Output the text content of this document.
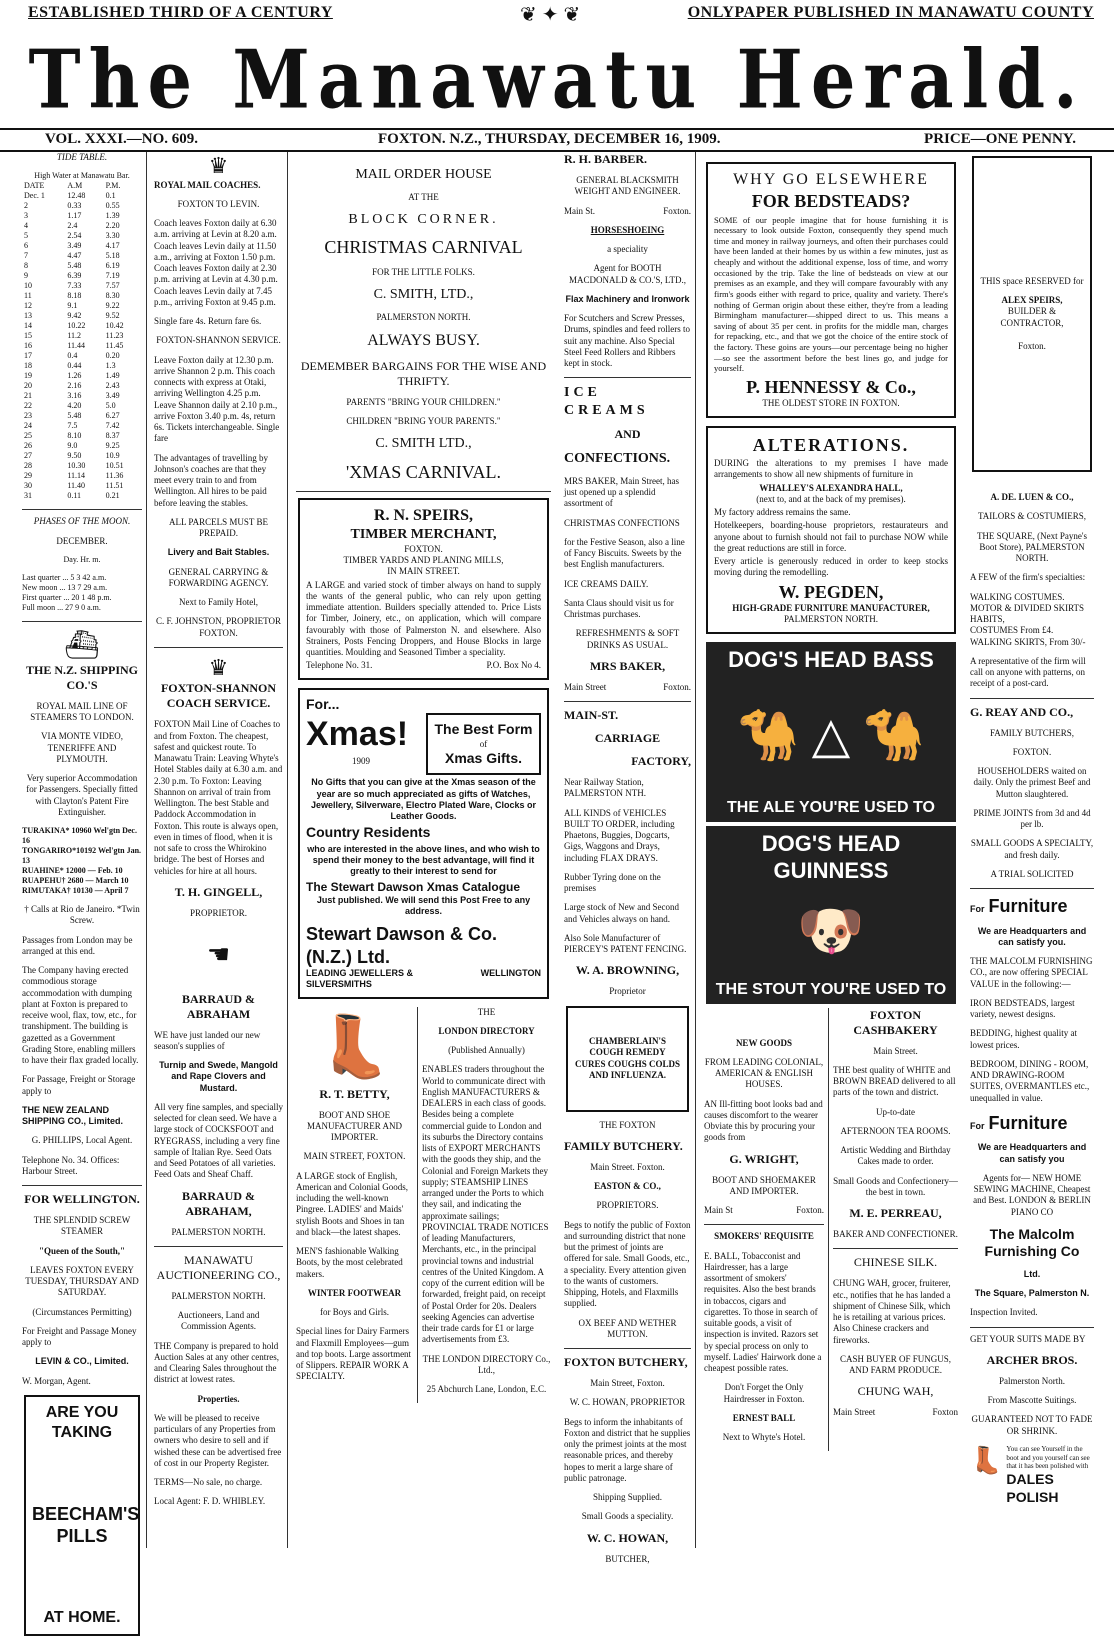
ESTABLISHED THIRD OF A CENTURY	❦ ✦ ❦	ONLYPAPER PUBLISHED IN MANAWATU COUNTY
The Manawatu Herald.
VOL. XXXI.—NO. 609.	FOXTON. N.Z., THURSDAY, DECEMBER 16, 1909.	PRICE—ONE PENNY.
TIDE TABLE.
High Water at Manawatu Bar.
DATE	A.M	P.M.
Dec. 1	12.48	0.1
2	0.33	0.55
3	1.17	1.39
4	2.4	2.20
5	2.54	3.30
6	3.49	4.17
7	4.47	5.18
8	5.48	6.19
9	6.39	7.19
10	7.33	7.57
11	8.18	8.30
12	9.1	9.22
13	9.42	9.52
14	10.22	10.42
15	11.2	11.23
16	11.44	11.45
17	0.4	0.20
18	0.44	1.3
19	1.26	1.49
20	2.16	2.43
21	3.16	3.49
22	4.20	5.0
23	5.48	6.27
24	7.5	7.42
25	8.10	8.37
26	9.0	9.25
27	9.50	10.9
28	10.30	10.51
29	11.14	11.36
30	11.40	11.51
31	0.11	0.21
PHASES OF THE MOON.
DECEMBER.
Day. Hr. m.
Last quarter ... 5 3 42 a.m.
New moon ... 13 7 29 a.m.
First quarter ... 20 1 48 p.m.
Full moon ... 27 9 0 a.m.
⛴
THE N.Z. SHIPPING CO.'S
ROYAL MAIL LINE OF STEAMERS TO LONDON.
VIA MONTE VIDEO, TENERIFFE AND PLYMOUTH.
Very superior Accommodation for Passengers. Specially fitted with Clayton's Patent Fire Extinguisher.
TURAKINA* 10960 Wel'gtn Dec. 16
TONGARIRO*10192 Wel'gtn Jan. 13
RUAHINE* 12000 — Feb. 10
RUAPEHU† 2680 — March 10
RIMUTAKA† 10130 — April 7
† Calls at Rio de Janeiro. *Twin Screw.
Passages from London may be arranged at this end.
The Company having erected commodious storage accommodation with dumping plant at Foxton is prepared to receive wool, flax, tow, etc., for transhipment. The building is gazetted as a Government Grading Store, enabling millers to have their flax graded locally.
For Passage, Freight or Storage apply to
THE NEW ZEALAND SHIPPING CO., Limited.
G. PHILLIPS, Local Agent.
Telephone No. 34. Offices: Harbour Street.
FOR WELLINGTON.
THE SPLENDID SCREW STEAMER
"Queen of the South,"
LEAVES FOXTON EVERY TUESDAY, THURSDAY AND SATURDAY.
(Circumstances Permitting)
For Freight and Passage Money apply to
LEVIN & CO., Limited.
W. Morgan, Agent.
ARE YOU TAKING
BEECHAM'S PILLS
AT HOME.
♛
ROYAL MAIL COACHES.
FOXTON TO LEVIN.
Coach leaves Foxton daily at 6.30 a.m. arriving at Levin at 8.20 a.m. Coach leaves Levin daily at 11.50 a.m., arriving at Foxton 1.50 p.m. Coach leaves Foxton daily at 2.30 p.m. arriving at Levin at 4.30 p.m. Coach leaves Levin daily at 7.45 p.m., arriving Foxton at 9.45 p.m.
Single fare 4s. Return fare 6s.
FOXTON-SHANNON SERVICE.
Leave Foxton daily at 12.30 p.m. arrive Shannon 2 p.m. This coach connects with express at Otaki, arriving Wellington 4.25 p.m. Leave Shannon daily at 2.10 p.m., arrive Foxton 3.40 p.m. 4s, return 6s. Tickets interchangeable. Single fare
The advantages of travelling by Johnson's coaches are that they meet every train to and from Wellington. All hires to be paid before leaving the stables.
ALL PARCELS MUST BE PREPAID.
Livery and Bait Stables.
GENERAL CARRYING & FORWARDING AGENCY.
Next to Family Hotel,
C. F. JOHNSTON, PROPRIETOR FOXTON.
♛
FOXTON-SHANNON COACH SERVICE.
FOXTON Mail Line of Coaches to and from Foxton. The cheapest, safest and quickest route. To Manawatu Train: Leaving Whyte's Hotel Stables daily at 6.30 a.m. and 2.30 p.m. To Foxton: Leaving Shannon on arrival of train from Wellington. The best Stable and Paddock Accommodation in Foxton. This route is always open, even in times of flood, when it is not safe to cross the Whirokino bridge. The best of Horses and vehicles for hire at all hours.
T. H. GINGELL,
PROPRIETOR.
☚
BARRAUD & ABRAHAM
WE have just landed our new season's supplies of
Turnip and Swede, Mangold and Rape Clovers and Mustard.
All very fine samples, and specially selected for clean seed. We have a large stock of COCKSFOOT and RYEGRASS, including a very fine sample of Italian Rye. Seed Oats and Seed Potatoes of all varieties. Feed Oats and Sheaf Chaff.
BARRAUD & ABRAHAM,
PALMERSTON NORTH.
MANAWATU AUCTIONEERING CO.,
PALMERSTON NORTH.
Auctioneers, Land and Commission Agents.
THE Company is prepared to hold Auction Sales at any other centres, and Clearing Sales throughout the district at lowest rates.
Properties.
We will be pleased to receive particulars of any Properties from owners who desire to sell and if wished these can be advertised free of cost in our Property Register.
TERMS—No sale, no charge.
Local Agent: F. D. WHIBLEY.
MAIL ORDER HOUSE
AT THE
BLOCK CORNER.
CHRISTMAS CARNIVAL
FOR THE LITTLE FOLKS.
C. SMITH, LTD.,
PALMERSTON NORTH.
ALWAYS BUSY.
DEMEMBER BARGAINS FOR THE WISE AND THRIFTY.
PARENTS "BRING YOUR CHILDREN."
CHILDREN "BRING YOUR PARENTS."
C. SMITH LTD.,
'XMAS CARNIVAL.
R. N. SPEIRS,
TIMBER MERCHANT,
FOXTON.
TIMBER YARDS AND PLANING MILLS,
IN MAIN STREET.

A LARGE and varied stock of timber always on hand to supply the wants of the general public, who can rely upon getting immediate attention. Builders specially attended to. Price Lists for Timber, Joinery, etc., on application, which will compare favourably with those of Palmerston N. and elsewhere. Also Strainers, Posts Fencing Droppers, and House Blocks in large quantities. Moulding and Seasoned Timber a speciality.

Telephone No. 31.	P.O. Box No 4.
For...
Xmas!
1909
The Best Form
of
Xmas Gifts.

No Gifts that you can give at the Xmas season of the year are so much appreciated as gifts of Watches, Jewellery, Silverware, Electro Plated Ware, Clocks or Leather Goods.

Country Residents

who are interested in the above lines, and who wish to spend their money to the best advantage, will find it greatly to their interest to send for

The Stewart Dawson Xmas Catalogue
Just published. We will send this Post Free to any address.
Stewart Dawson & Co. (N.Z.) Ltd.
LEADING JEWELLERS & SILVERSMITHS
WELLINGTON
👢
R. T. BETTY,
BOOT AND SHOE MANUFACTURER AND IMPORTER.
MAIN STREET, FOXTON.
A LARGE stock of English, American and Colonial Goods, including the well-known Pingree. LADIES' and Maids' stylish Boots and Shoes in tan and black—the latest shapes.
MEN'S fashionable Walking Boots, by the most celebrated makers.
WINTER FOOTWEAR
for Boys and Girls.
Special lines for Dairy Farmers and Flaxmill Employees—gum and top boots. Large assortment of Slippers. REPAIR WORK A SPECIALTY.
THE
LONDON DIRECTORY
(Published Annually)
ENABLES traders throughout the World to communicate direct with English MANUFACTURERS & DEALERS in each class of goods. Besides being a complete commercial guide to London and its suburbs the Directory contains lists of EXPORT MERCHANTS with the goods they ship, and the Colonial and Foreign Markets they supply; STEAMSHIP LINES arranged under the Ports to which they sail, and indicating the approximate sailings; PROVINCIAL TRADE NOTICES of leading Manufacturers, Merchants, etc., in the principal provincial towns and industrial centres of the United Kingdom. A copy of the current edition will be forwarded, freight paid, on receipt of Postal Order for 20s. Dealers seeking Agencies can advertise their trade cards for £1 or large advertisements from £3.
THE LONDON DIRECTORY Co., Ltd.,
25 Abchurch Lane, London, E.C.
R. H. BARBER.
GENERAL BLACKSMITH WEIGHT AND ENGINEER.
Main St.	Foxton.
HORSESHOEING
a speciality
Agent for BOOTH MACDONALD & CO.'S, LTD.,
Flax Machinery and Ironwork
For Scutchers and Screw Presses, Drums, spindles and feed rollers to suit any machine. Also Special Steel Feed Rollers and Ribbers kept in stock.
ICE CREAMS
AND
CONFECTIONS.
MRS BAKER, Main Street, has just opened up a splendid assortment of
CHRISTMAS CONFECTIONS
for the Festive Season, also a line of Fancy Biscuits. Sweets by the best English manufacturers.
ICE CREAMS DAILY.
Santa Claus should visit us for Christmas purchases.
REFRESHMENTS & SOFT DRINKS AS USUAL.
MRS BAKER,
Main Street	Foxton.
MAIN-ST.
CARRIAGE
FACTORY,
Near Railway Station, PALMERSTON NTH.
ALL KINDS of VEHICLES BUILT TO ORDER, including Phaetons, Buggies, Dogcarts, Gigs, Waggons and Drays, including FLAX DRAYS.
Rubber Tyring done on the premises
Large stock of New and Second and Vehicles always on hand.
Also Sole Manufacturer of PIERCEY'S PATENT FENCING.
W. A. BROWNING,
Proprietor
CHAMBERLAIN'S COUGH REMEDY CURES COUGHS COLDS AND INFLUENZA.
THE FOXTON
FAMILY BUTCHERY.
Main Street. Foxton.
EASTON & CO.,
PROPRIETORS.
Begs to notify the public of Foxton and surrounding district that none but the primest of joints are offered for sale. Small Goods, etc., a speciality. Every attention given to the wants of customers. Shipping, Hotels, and Flaxmills supplied.
OX BEEF AND WETHER MUTTON.
FOXTON BUTCHERY,
Main Street, Foxton.
W. C. HOWAN, PROPRIETOR
Begs to inform the inhabitants of Foxton and district that he supplies only the primest joints at the most reasonable prices, and thereby hopes to merit a large share of public patronage.
Shipping Supplied.
Small Goods a speciality.
W. C. HOWAN,
BUTCHER,
WHY GO ELSEWHERE
FOR BEDSTEADS?

SOME of our people imagine that for house furnishing it is necessary to look outside Foxton, consequently they spend much time and money in railway journeys, and often their purchases could have been landed at their homes by us within a few minutes, just as cheaply and without the additional expense, loss of time, and worry occasioned by the trip. Take the line of bedsteads on view at our premises as an example, and they will compare favourably with any firm's goods either with regard to price, quality and variety. There's nothing of German origin about these either, they're from a leading Birmingham manufacturer—shipped direct to us. This means a saving of about 35 per cent. in profits for the middle man, charges for repacking, etc., and that we got the choice of the entire stock of the factory. These goins are yours—our percentage being no higher—so see the assortment before the best lines go, and judge for yourself.

P. HENNESSY & Co.,
THE OLDEST STORE IN FOXTON.
ALTERATIONS.

DURING the alterations to my premises I have made arrangements to show all new shipments of furniture in

WHALLEY'S ALEXANDRA HALL,
(next to, and at the back of my premises).

My factory address remains the same.

Hotelkeepers, boarding-house proprietors, restaurateurs and anyone about to furnish should not fail to purchase NOW while the great reductions are still in force.

Every article is generously reduced in order to keep stocks moving during the remodelling.

W. PEGDEN,
HIGH-GRADE FURNITURE MANUFACTURER,
PALMERSTON NORTH.
DOG'S HEAD BASS
🐪 △ 🐪
THE ALE YOU'RE USED TO
DOG'S HEAD GUINNESS
🐶
THE STOUT YOU'RE USED TO
NEW GOODS
FROM LEADING COLONIAL, AMERICAN & ENGLISH HOUSES.
AN Ill-fitting boot looks bad and causes discomfort to the wearer Obviate this by procuring your goods from
G. WRIGHT,
BOOT AND SHOEMAKER AND IMPORTER.
Main St	Foxton.
SMOKERS' REQUISITE
E. BALL, Tobacconist and Hairdresser, has a large assortment of smokers' requisites. Also the best brands in tobaccos, cigars and cigarettes. To those in search of suitable goods, a visit of inspection is invited. Razors set by special process on only to myself. Ladies' Hairwork done a cheapest possible rates.
Don't Forget the Only Hairdresser in Foxton.
ERNEST BALL
Next to Whyte's Hotel.
FOXTON CASHBAKERY
Main Street.
THE best quality of WHITE and BROWN BREAD delivered to all parts of the town and district.
Up-to-date
AFTERNOON TEA ROOMS.
Artistic Wedding and Birthday Cakes made to order.
Small Goods and Confectionery—the best in town.
M. E. PERREAU,
BAKER AND CONFECTIONER.
CHINESE SILK.
CHUNG WAH, grocer, fruiterer, etc., notifies that he has landed a shipment of Chinese Silk, which he is retailing at various prices. Also Chinese crackers and fireworks.
CASH BUYER OF FUNGUS, AND FARM PRODUCE.
CHUNG WAH,
Main Street	Foxton
THIS space RESERVED for
ALEX SPEIRS,
BUILDER & CONTRACTOR,
Foxton.
A. DE. LUEN & CO.,
TAILORS & COSTUMIERS,
THE SQUARE, (Next Payne's Boot Store), PALMERSTON NORTH.
A FEW of the firm's specialties:
WALKING COSTUMES.
MOTOR & DIVIDED SKIRTS HABITS,
COSTUMES From £4.
WALKING SKIRTS, From 30/-
A representative of the firm will call on anyone with patterns, on receipt of a post-card.
G. REAY AND CO.,
FAMILY BUTCHERS,
FOXTON.
HOUSEHOLDERS waited on daily. Only the primest Beef and Mutton slaughtered.
PRIME JOINTS from 3d and 4d per lb.
SMALL GOODS A SPECIALTY, and fresh daily.
A TRIAL SOLICITED
For Furniture
We are Headquarters and can satisfy you.
THE MALCOLM FURNISHING CO., are now offering SPECIAL VALUE in the following:—
IRON BEDSTEADS, largest variety, newest designs.
BEDDING, highest quality at lowest prices.
BEDROOM, DINING - ROOM, AND DRAWING-ROOM SUITES, OVERMANTLES etc., unequalled in value.
For Furniture
We are Headquarters and can satisfy you
Agents for— NEW HOME SEWING MACHINE, Cheapest and Best. LONDON & BERLIN PIANO CO
The Malcolm Furnishing Co
Ltd.
The Square, Palmerston N.
Inspection Invited.
GET YOUR SUITS MADE BY
ARCHER BROS.
Palmerston North.
From Mascotte Suitings.
GUARANTEED NOT TO FADE OR SHRINK.
👢 You can see Yourself in the boot and you yourself can see that it has been polished with
DALES POLISH
